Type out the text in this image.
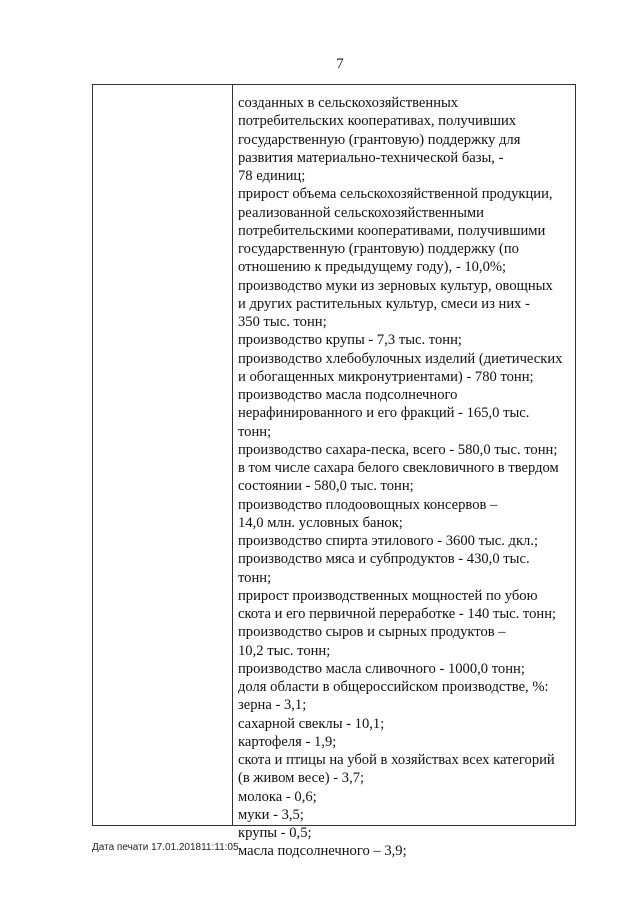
7
созданных в сельскохозяйственных
потребительских кооперативах, получивших
государственную (грантовую) поддержку для
развития материально-технической базы, -
78 единиц;
прирост объема сельскохозяйственной продукции,
реализованной сельскохозяйственными
потребительскими кооперативами, получившими
государственную (грантовую) поддержку (по
отношению к предыдущему году), - 10,0%;
производство муки из зерновых культур, овощных
и других растительных культур, смеси из них -
350 тыс. тонн;
производство крупы - 7,3 тыс. тонн;
производство хлебобулочных изделий (диетических
и обогащенных микронутриентами) - 780 тонн;
производство масла подсолнечного
нерафинированного и его фракций - 165,0 тыс.
тонн;
производство сахара-песка, всего - 580,0 тыс. тонн;
в том числе сахара белого свекловичного в твердом
состоянии - 580,0 тыс. тонн;
производство плодоовощных консервов –
14,0 млн. условных банок;
производство спирта этилового - 3600 тыс. дкл.;
производство мяса и субпродуктов - 430,0 тыс.
тонн;
прирост производственных мощностей по убою
скота и его первичной переработке - 140 тыс. тонн;
производство сыров и сырных продуктов –
10,2 тыс. тонн;
производство масла сливочного - 1000,0 тонн;
доля области в общероссийском производстве, %:
зерна - 3,1;
сахарной свеклы - 10,1;
картофеля - 1,9;
скота и птицы на убой в хозяйствах всех категорий
(в живом весе) - 3,7;
молока - 0,6;
муки - 3,5;
крупы - 0,5;
масла подсолнечного – 3,9;
Дата печати 17.01.201811:11:05
